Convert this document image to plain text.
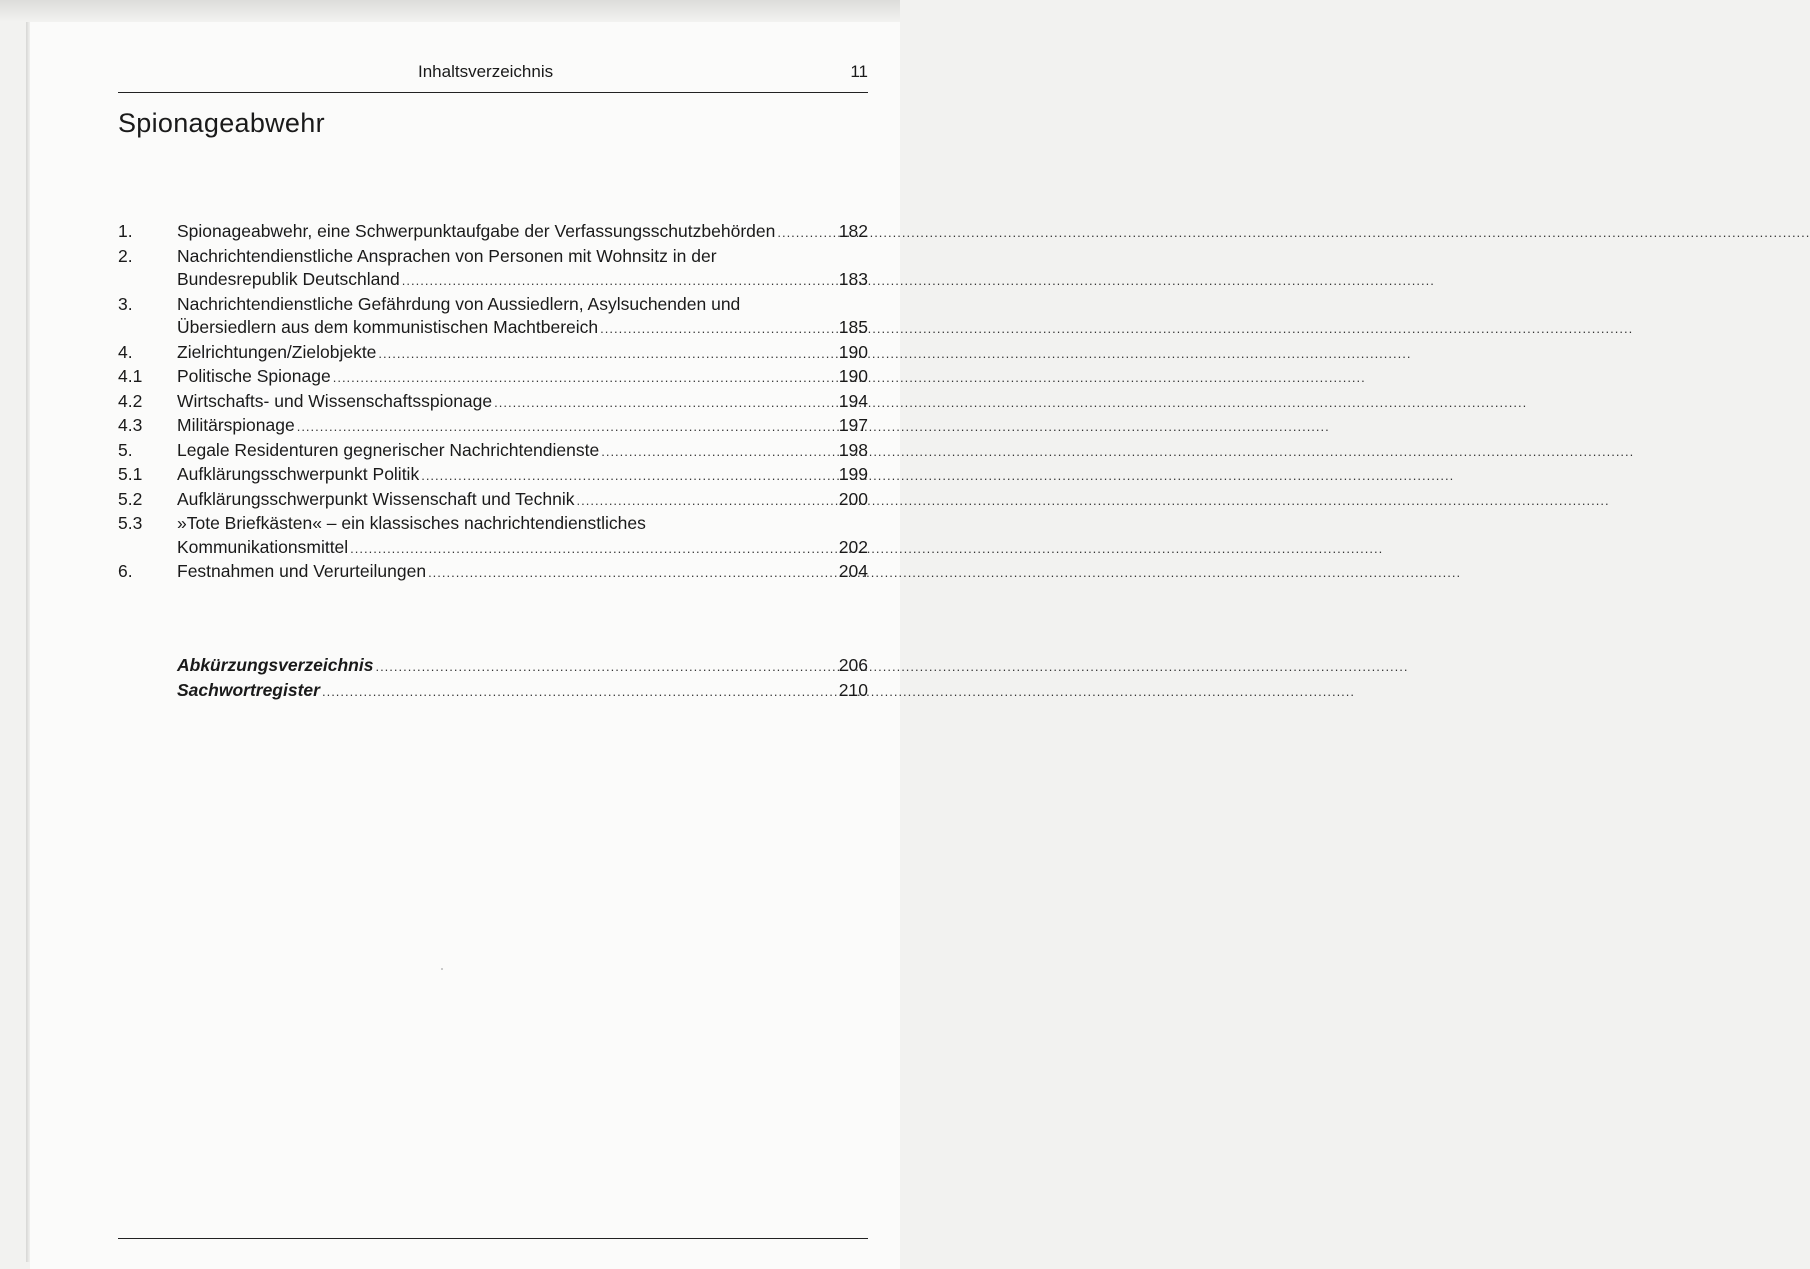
Inhaltsverzeichnis	11
Spionageabwehr
1.	Spionageabwehr, eine Schwerpunktaufgabe der Verfassungsschutzbehörden .....	182
2.	Nachrichtendienstliche Ansprachen von Personen mit Wohnsitz in der
Bundesrepublik Deutschland .....	183
3.	Nachrichtendienstliche Gefährdung von Aussiedlern, Asylsuchenden und
Übersiedlern aus dem kommunistischen Machtbereich .....	185
4.	Zielrichtungen/Zielobjekte .....	190
4.1 Politische Spionage .....	190
4.2 Wirtschafts- und Wissenschaftsspionage .....	194
4.3 Militärspionage .....	197
5.	Legale Residenturen gegnerischer Nachrichtendienste .....	198
5.1 Aufklärungsschwerpunkt Politik .....	199
5.2 Aufklärungsschwerpunkt Wissenschaft und Technik .....	200
5.3 »Tote Briefkästen« – ein klassisches nachrichtendienstliches
Kommunikationsmittel .....	202
6.	Festnahmen und Verurteilungen .....	204
Abkürzungsverzeichnis .....	206
Sachwortregister .....	210
